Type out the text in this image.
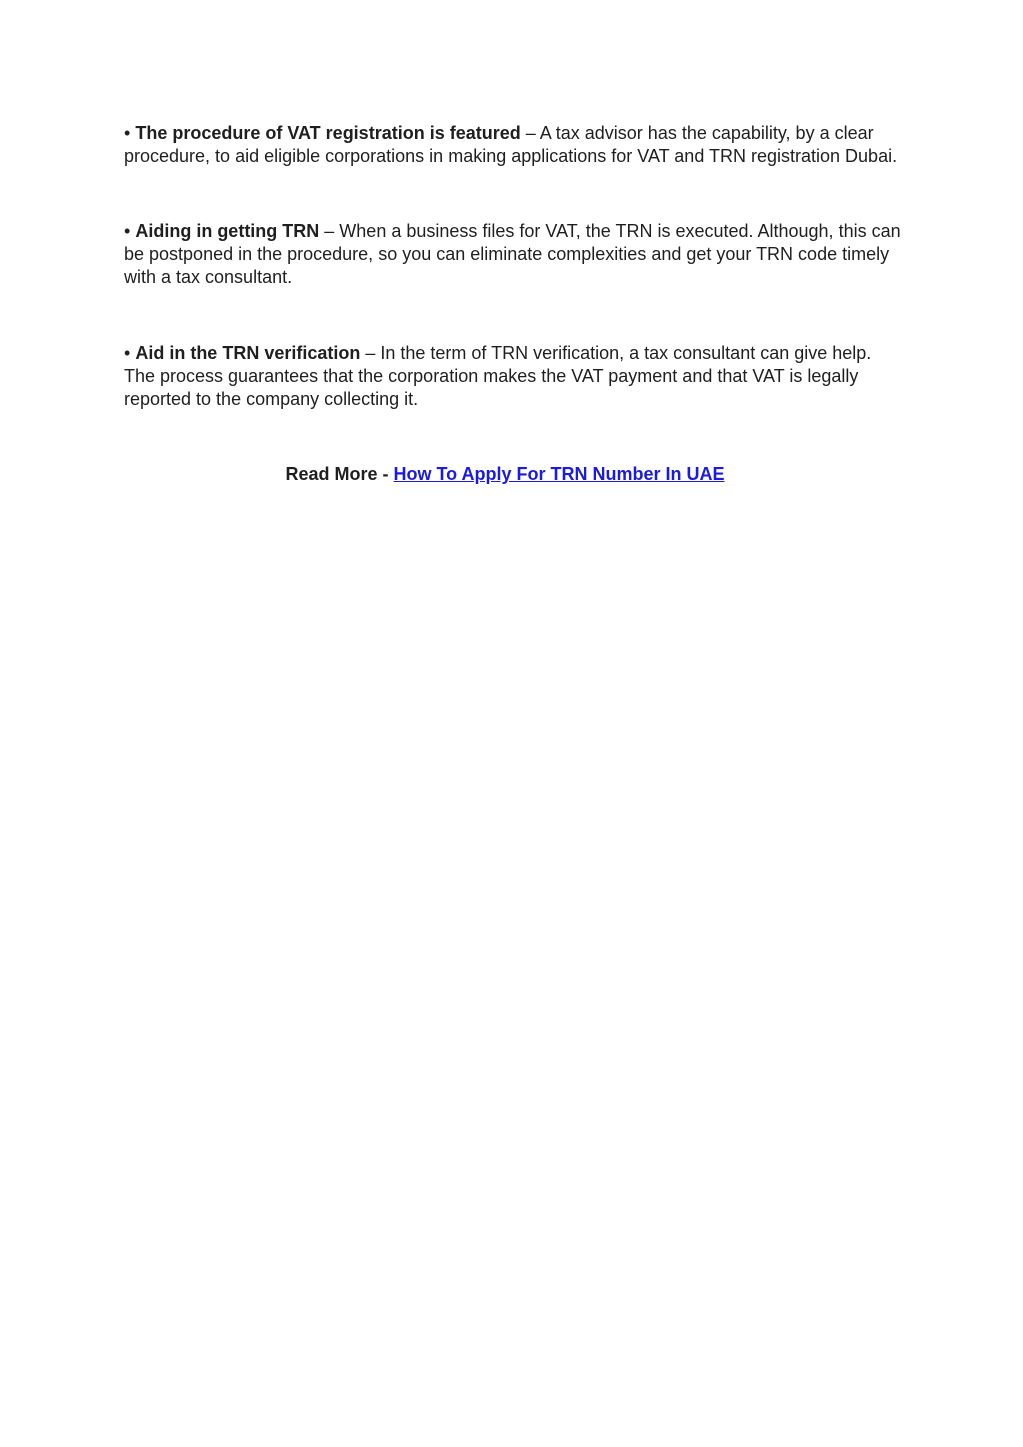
• The procedure of VAT registration is featured – A tax advisor has the capability, by a clear procedure, to aid eligible corporations in making applications for VAT and TRN registration Dubai.

• Aiding in getting TRN – When a business files for VAT, the TRN is executed. Although, this can be postponed in the procedure, so you can eliminate complexities and get your TRN code timely with a tax consultant.

• Aid in the TRN verification – In the term of TRN verification, a tax consultant can give help. The process guarantees that the corporation makes the VAT payment and that VAT is legally reported to the company collecting it.

Read More - How To Apply For TRN Number In UAE
